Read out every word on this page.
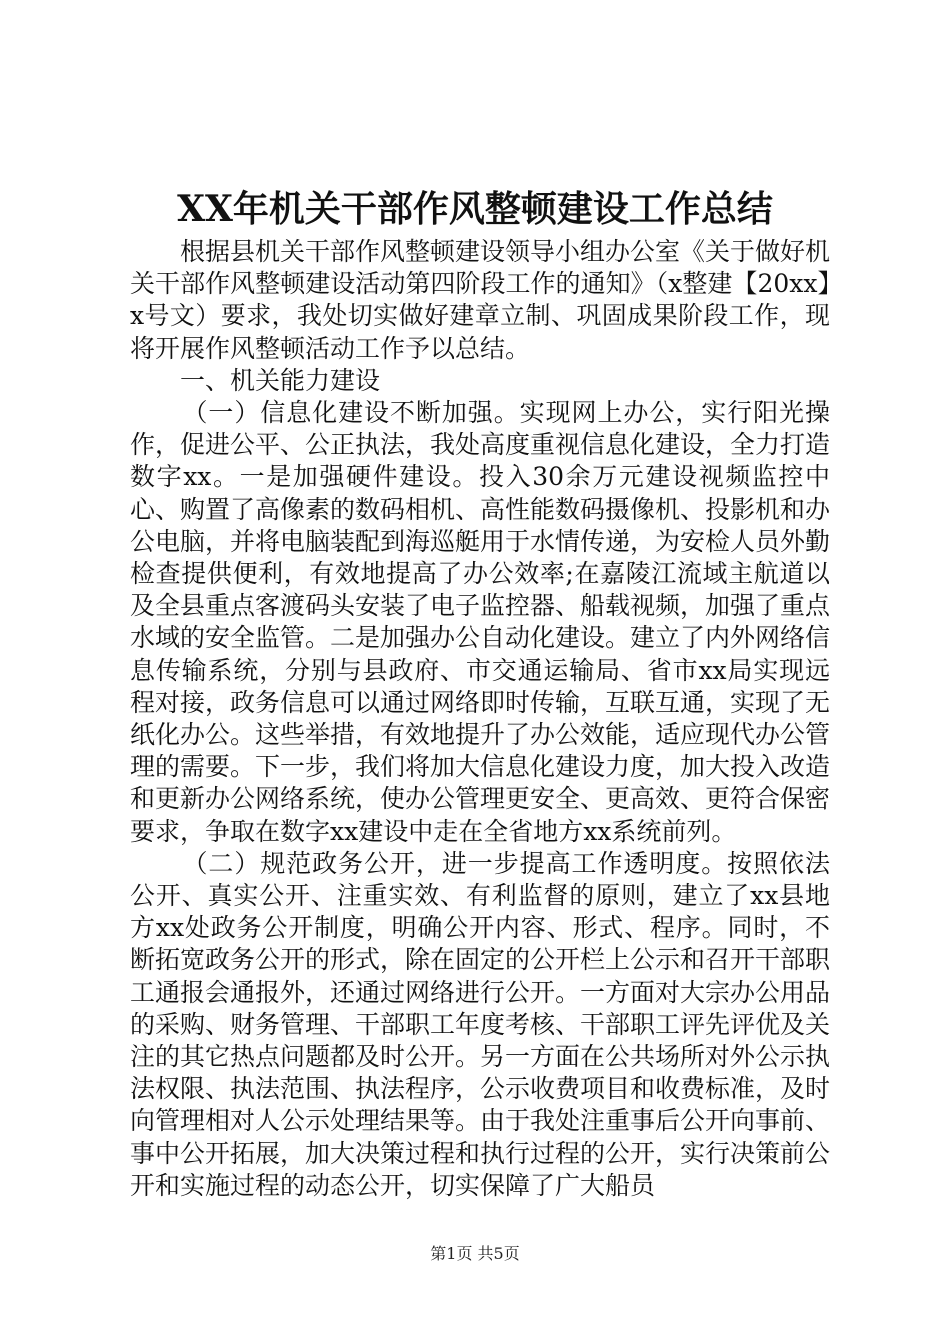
XX年机关干部作风整顿建设工作总结

根据县机关干部作风整顿建设领导小组办公室《关于做好机关干部作风整顿建设活动第四阶段工作的通知》（x整建【20xx】x号文）要求，我处切实做好建章立制、巩固成果阶段工作，现将开展作风整顿活动工作予以总结。

一、机关能力建设

（一）信息化建设不断加强。实现网上办公，实行阳光操作，促进公平、公正执法，我处高度重视信息化建设，全力打造数字xx。一是加强硬件建设。投入30余万元建设视频监控中心、购置了高像素的数码相机、高性能数码摄像机、投影机和办公电脑，并将电脑装配到海巡艇用于水情传递，为安检人员外勤检查提供便利，有效地提高了办公效率;在嘉陵江流域主航道以及全县重点客渡码头安装了电子监控器、船载视频，加强了重点水域的安全监管。二是加强办公自动化建设。建立了内外网络信息传输系统，分别与县政府、市交通运输局、省市xx局实现远程对接，政务信息可以通过网络即时传输，互联互通，实现了无纸化办公。这些举措，有效地提升了办公效能，适应现代办公管理的需要。下一步，我们将加大信息化建设力度，加大投入改造和更新办公网络系统，使办公管理更安全、更高效、更符合保密要求，争取在数字xx建设中走在全省地方xx系统前列。

（二）规范政务公开，进一步提高工作透明度。按照依法公开、真实公开、注重实效、有利监督的原则，建立了xx县地方xx处政务公开制度，明确公开内容、形式、程序。同时，不断拓宽政务公开的形式，除在固定的公开栏上公示和召开干部职工通报会通报外，还通过网络进行公开。一方面对大宗办公用品的采购、财务管理、干部职工年度考核、干部职工评先评优及关注的其它热点问题都及时公开。另一方面在公共场所对外公示执法权限、执法范围、执法程序，公示收费项目和收费标准，及时向管理相对人公示处理结果等。由于我处注重事后公开向事前、事中公开拓展，加大决策过程和执行过程的公开，实行决策前公开和实施过程的动态公开，切实保障了广大船员

第1页 共5页
